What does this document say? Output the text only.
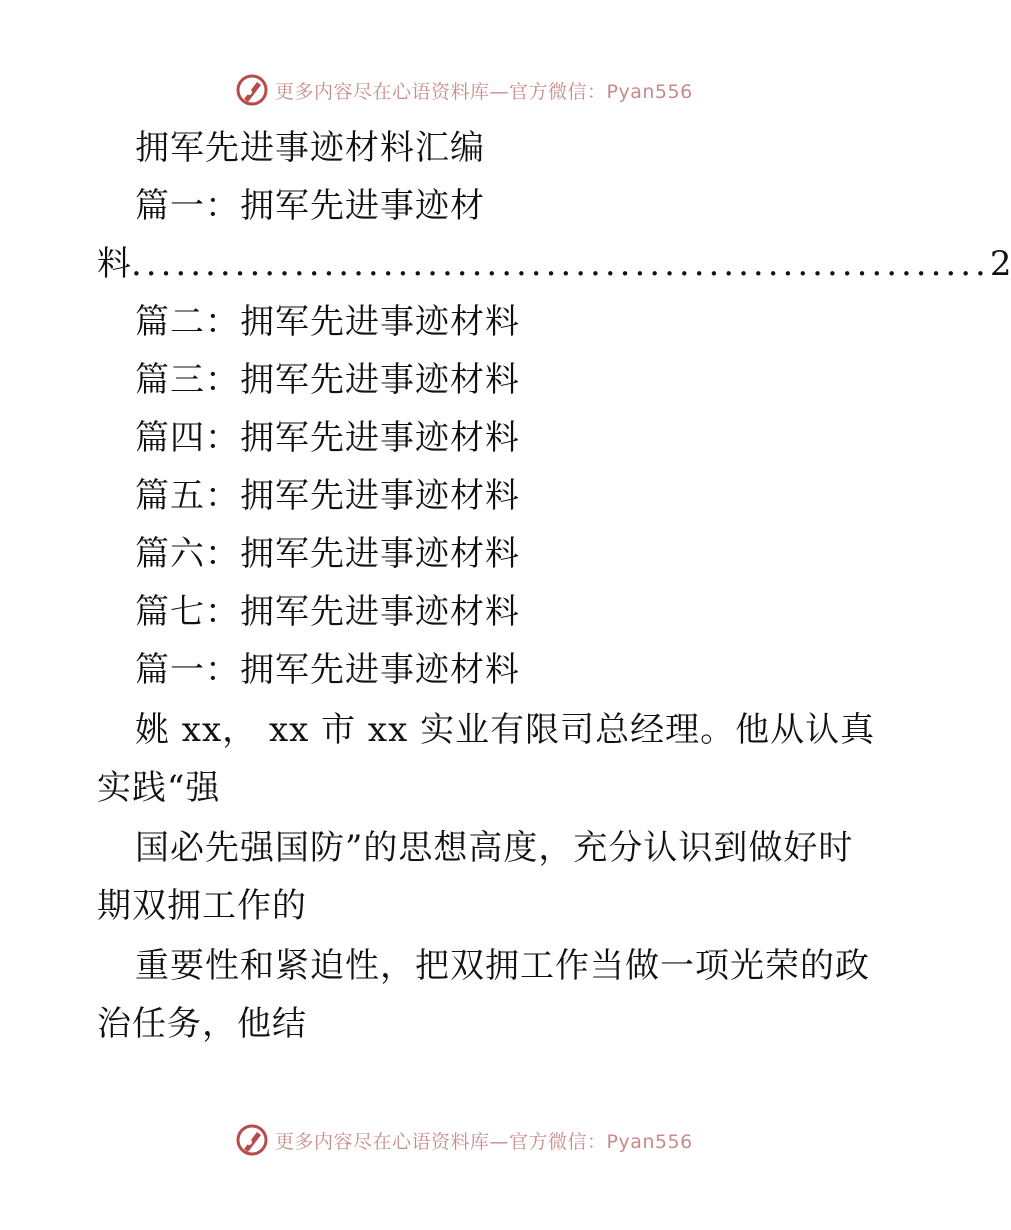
更多内容尽在心语资料库—官方微信：Pyan556
拥军先进事迹材料汇编
篇一：拥军先进事迹材
料 .......................................................... 2
篇二：拥军先进事迹材料
篇三：拥军先进事迹材料
篇四：拥军先进事迹材料
篇五：拥军先进事迹材料
篇六：拥军先进事迹材料
篇七：拥军先进事迹材料
篇一：拥军先进事迹材料
姚 xx， xx 市 xx 实业有限司总经理。他从认真
实践“强
国必先强国防”的思想高度，充分认识到做好时
期双拥工作的
重要性和紧迫性，把双拥工作当做一项光荣的政
治任务，他结
更多内容尽在心语资料库—官方微信：Pyan556
